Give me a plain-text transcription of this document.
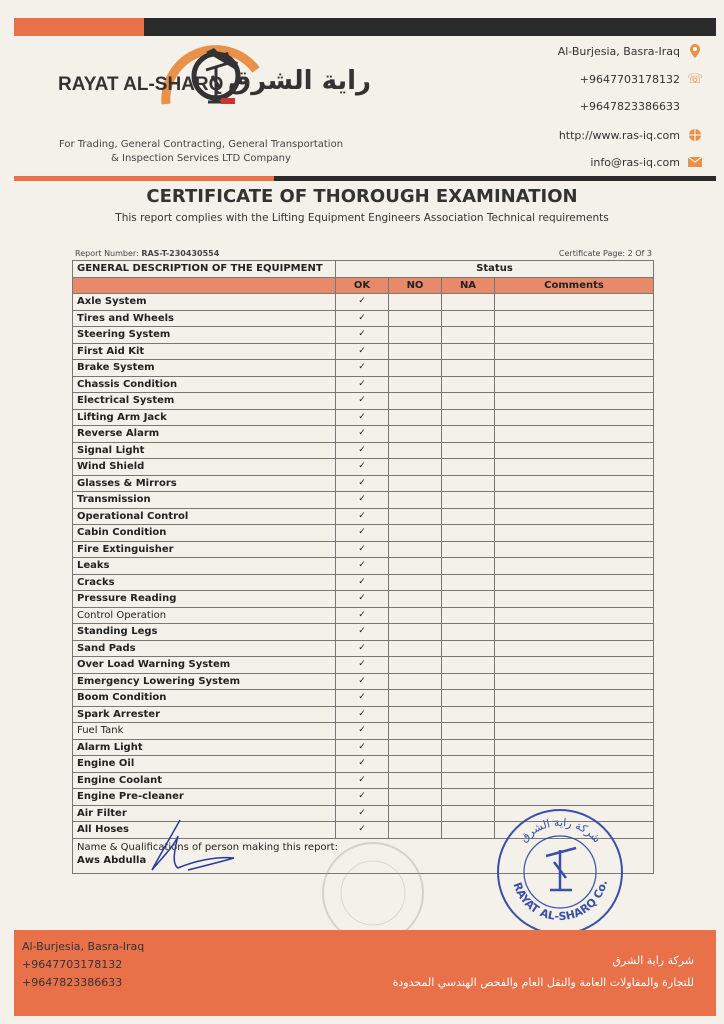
RAYAT AL-SHARQ راية الشرق
For Trading, General Contracting, General Transportation
& Inspection Services LTD Company
Al-Burjesia, Basra-Iraq
+9647703178132 ☏
+9647823386633
http://www.ras-iq.com
info@ras-iq.com
CERTIFICATE OF THOROUGH EXAMINATION
This report complies with the Lifting Equipment Engineers Association Technical requirements
Report Number: RAS-T-230430554	Certificate Page: 2 Of 3
GENERAL DESCRIPTION OF THE EQUIPMENT	Status			
	OK	NO	NA	Comments
Axle System	✓			
Tires and Wheels	✓			
Steering System	✓			
First Aid Kit	✓			
Brake System	✓			
Chassis Condition	✓			
Electrical System	✓			
Lifting Arm Jack	✓			
Reverse Alarm	✓			
Signal Light	✓			
Wind Shield	✓			
Glasses & Mirrors	✓			
Transmission	✓			
Operational Control	✓			
Cabin Condition	✓			
Fire Extinguisher	✓			
Leaks	✓			
Cracks	✓			
Pressure Reading	✓			
Control Operation	✓			
Standing Legs	✓			
Sand Pads	✓			
Over Load Warning System	✓			
Emergency Lowering System	✓			
Boom Condition	✓			
Spark Arrester	✓			
Fuel Tank	✓			
Alarm Light	✓			
Engine Oil	✓			
Engine Coolant	✓			
Engine Pre-cleaner	✓			
Air Filter	✓			
All Hoses	✓			

Name & Qualifications of person making this report:
Aws Abdulla				
RAYAT AL-SHARQ Co.
شركة راية الشرق
Al-Burjesia, Basra-Iraq
+9647703178132
+9647823386633
شركة راية الشرق
للتجارة والمقاولات العامة والنقل العام والفحص الهندسي المحدودة
